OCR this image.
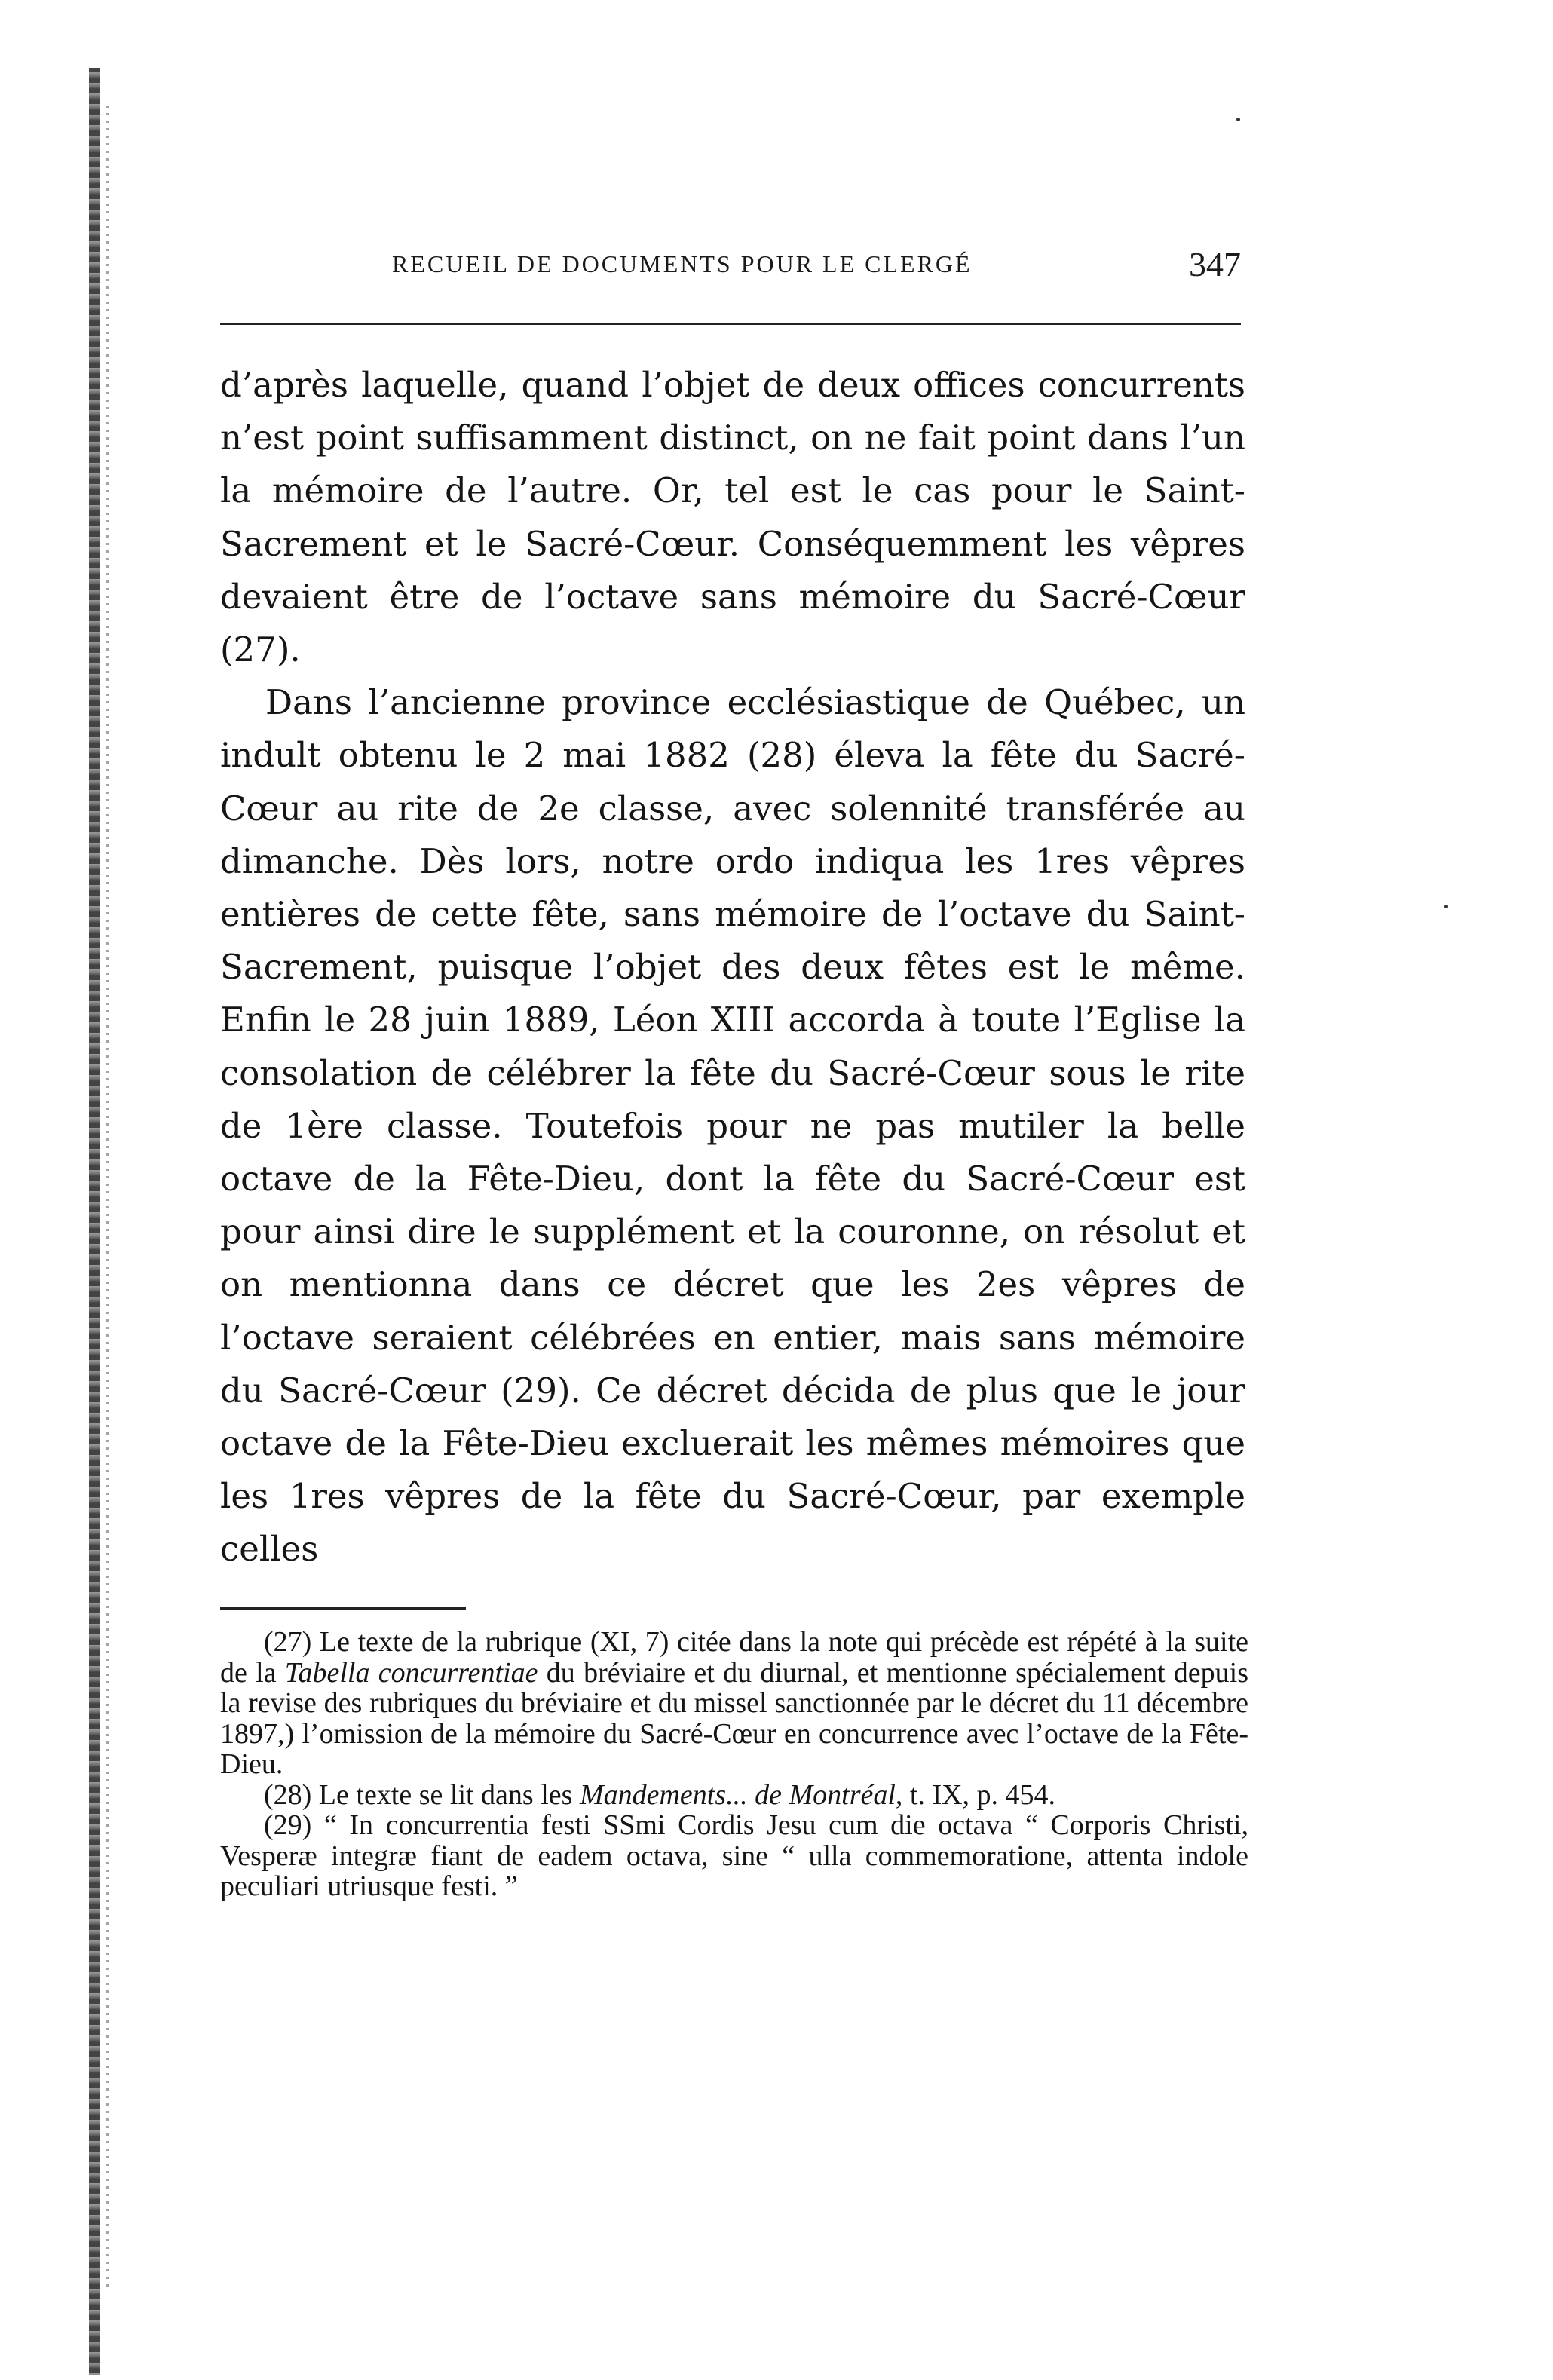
RECUEIL DE DOCUMENTS POUR LE CLERGÉ	347

d’après laquelle, quand l’objet de deux offices concurrents n’est point suffisamment distinct, on ne fait point dans l’un la mémoire de l’autre. Or, tel est le cas pour le Saint-Sacrement et le Sacré-Cœur. Conséquemment les vêpres devaient être de l’octave sans mémoire du Sacré-Cœur (27).

Dans l’ancienne province ecclésiastique de Québec, un indult obtenu le 2 mai 1882 (28) éleva la fête du Sacré-Cœur au rite de 2e classe, avec solennité transférée au dimanche. Dès lors, notre ordo indiqua les 1res vêpres entières de cette fête, sans mémoire de l’octave du Saint-Sacrement, puisque l’objet des deux fêtes est le même. Enfin le 28 juin 1889, Léon XIII accorda à toute l’Eglise la consolation de célébrer la fête du Sacré-Cœur sous le rite de 1ère classe. Toutefois pour ne pas mutiler la belle octave de la Fête-Dieu, dont la fête du Sacré-Cœur est pour ainsi dire le supplément et la couronne, on résolut et on mentionna dans ce décret que les 2es vêpres de l’octave seraient célébrées en entier, mais sans mémoire du Sacré-Cœur (29). Ce décret décida de plus que le jour octave de la Fête-Dieu excluerait les mêmes mémoires que les 1res vêpres de la fête du Sacré-Cœur, par exemple celles

(27) Le texte de la rubrique (XI, 7) citée dans la note qui précède est répété à la suite de la Tabella concurrentiae du bréviaire et du diurnal, et mentionne spécialement depuis la revise des rubriques du bréviaire et du missel sanctionnée par le décret du 11 décembre 1897,) l’omission de la mémoire du Sacré-Cœur en concurrence avec l’octave de la Fête-Dieu.

(28) Le texte se lit dans les Mandements... de Montréal, t. IX, p. 454.

(29) “ In concurrentia festi SSmi Cordis Jesu cum die octava “ Corporis Christi, Vesperæ integræ fiant de eadem octava, sine “ ulla commemoratione, attenta indole peculiari utriusque festi. ”
